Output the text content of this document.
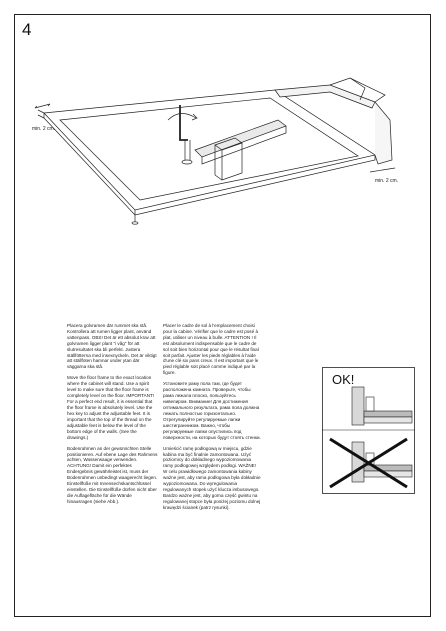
4
min. 2 cm.
min. 2 cm.

Placera golvramen där rummet ska stå. Kontrollera att rumen ligger plant, använd vattenpass. OBS! Det är ett absolut krav att golvramen ligger plant "i våg" för att slutresultatet ska bli perfekt. Justera ställfötterna med insexnyckeln. Det är viktigt att ställfoten hamnar under ytan där väggarna ska stå.

Move the floor frame to the exact location where the cabinet will stand. Use a spirit level to make sure that the floor frame is completely level on the floor. IMPORTANT! For a perfect end result, it is essential that the floor frame is absolutely level. Use the hex key to adjust the adjustable feet. It is important that the top of the thread on the adjustable feet is below the level of the bottom edge of the walls. (See the drawings.)

Bodenrahmen an der gewünschten Stelle positionieren. Auf ebene Lage des Rahmens achten, Wasserwaage verwenden. ACHTUNG! Damit ein perfektes Endergebnis gewährleistet ist, muss der Bodenrahmen unbedingt waagerecht liegen. Einstellfüße mit Innensechskantschlüssel einstellen. Die Einstellfüße dürfen nicht über die Auflagefläche für die Wände hinausragen (siehe Abb.).

Placer le cadre de sol à l'emplacement choisi pour la cabine. Vérifier que le cadre est posé à plat, utiliser un niveau à bulle. ATTENTION ! Il est absolument indispensable que le cadre de sol soit bien horizontal pour que le résultat final soit parfait. Ajuster les pieds réglables à l'aide d'une clé six pans creux. Il est important que le pied réglable soit placé comme indiqué par la figure.

Установите раму пола там, где будет расположена комната. Проверьте, чтобы рама лежала плоско, пользуйтесь нивелиром. Внимание! Для достижения оптимального результата, рама пола должна лежать полностью горизонтально. Отрегулируйте регулируемые лапки шестигранником. Важно, чтобы регулируемые лапки опустились под поверхности, на которых будут стоять стенки.

Umieścić ramę podłogową w miejscu, gdzie kabina ma być finalnie zamontowana. Użyć poziomicy do dokładnego wypoziomowania ramy podłogowej względem podłogi. WAŻNE! W celu prawidłowego zamontowania kabiny ważne jest, aby rama podłogowa była dokładnie wypoziomowana. Do wyregulowania regulowanych stopek użyć klucza imbusowego. Bardzo ważne jest, aby gorna część gwintu na regulowanej stopce była poniżej poziomu dolnej krawędzi ścianek (patrz rysunki).

OK!
